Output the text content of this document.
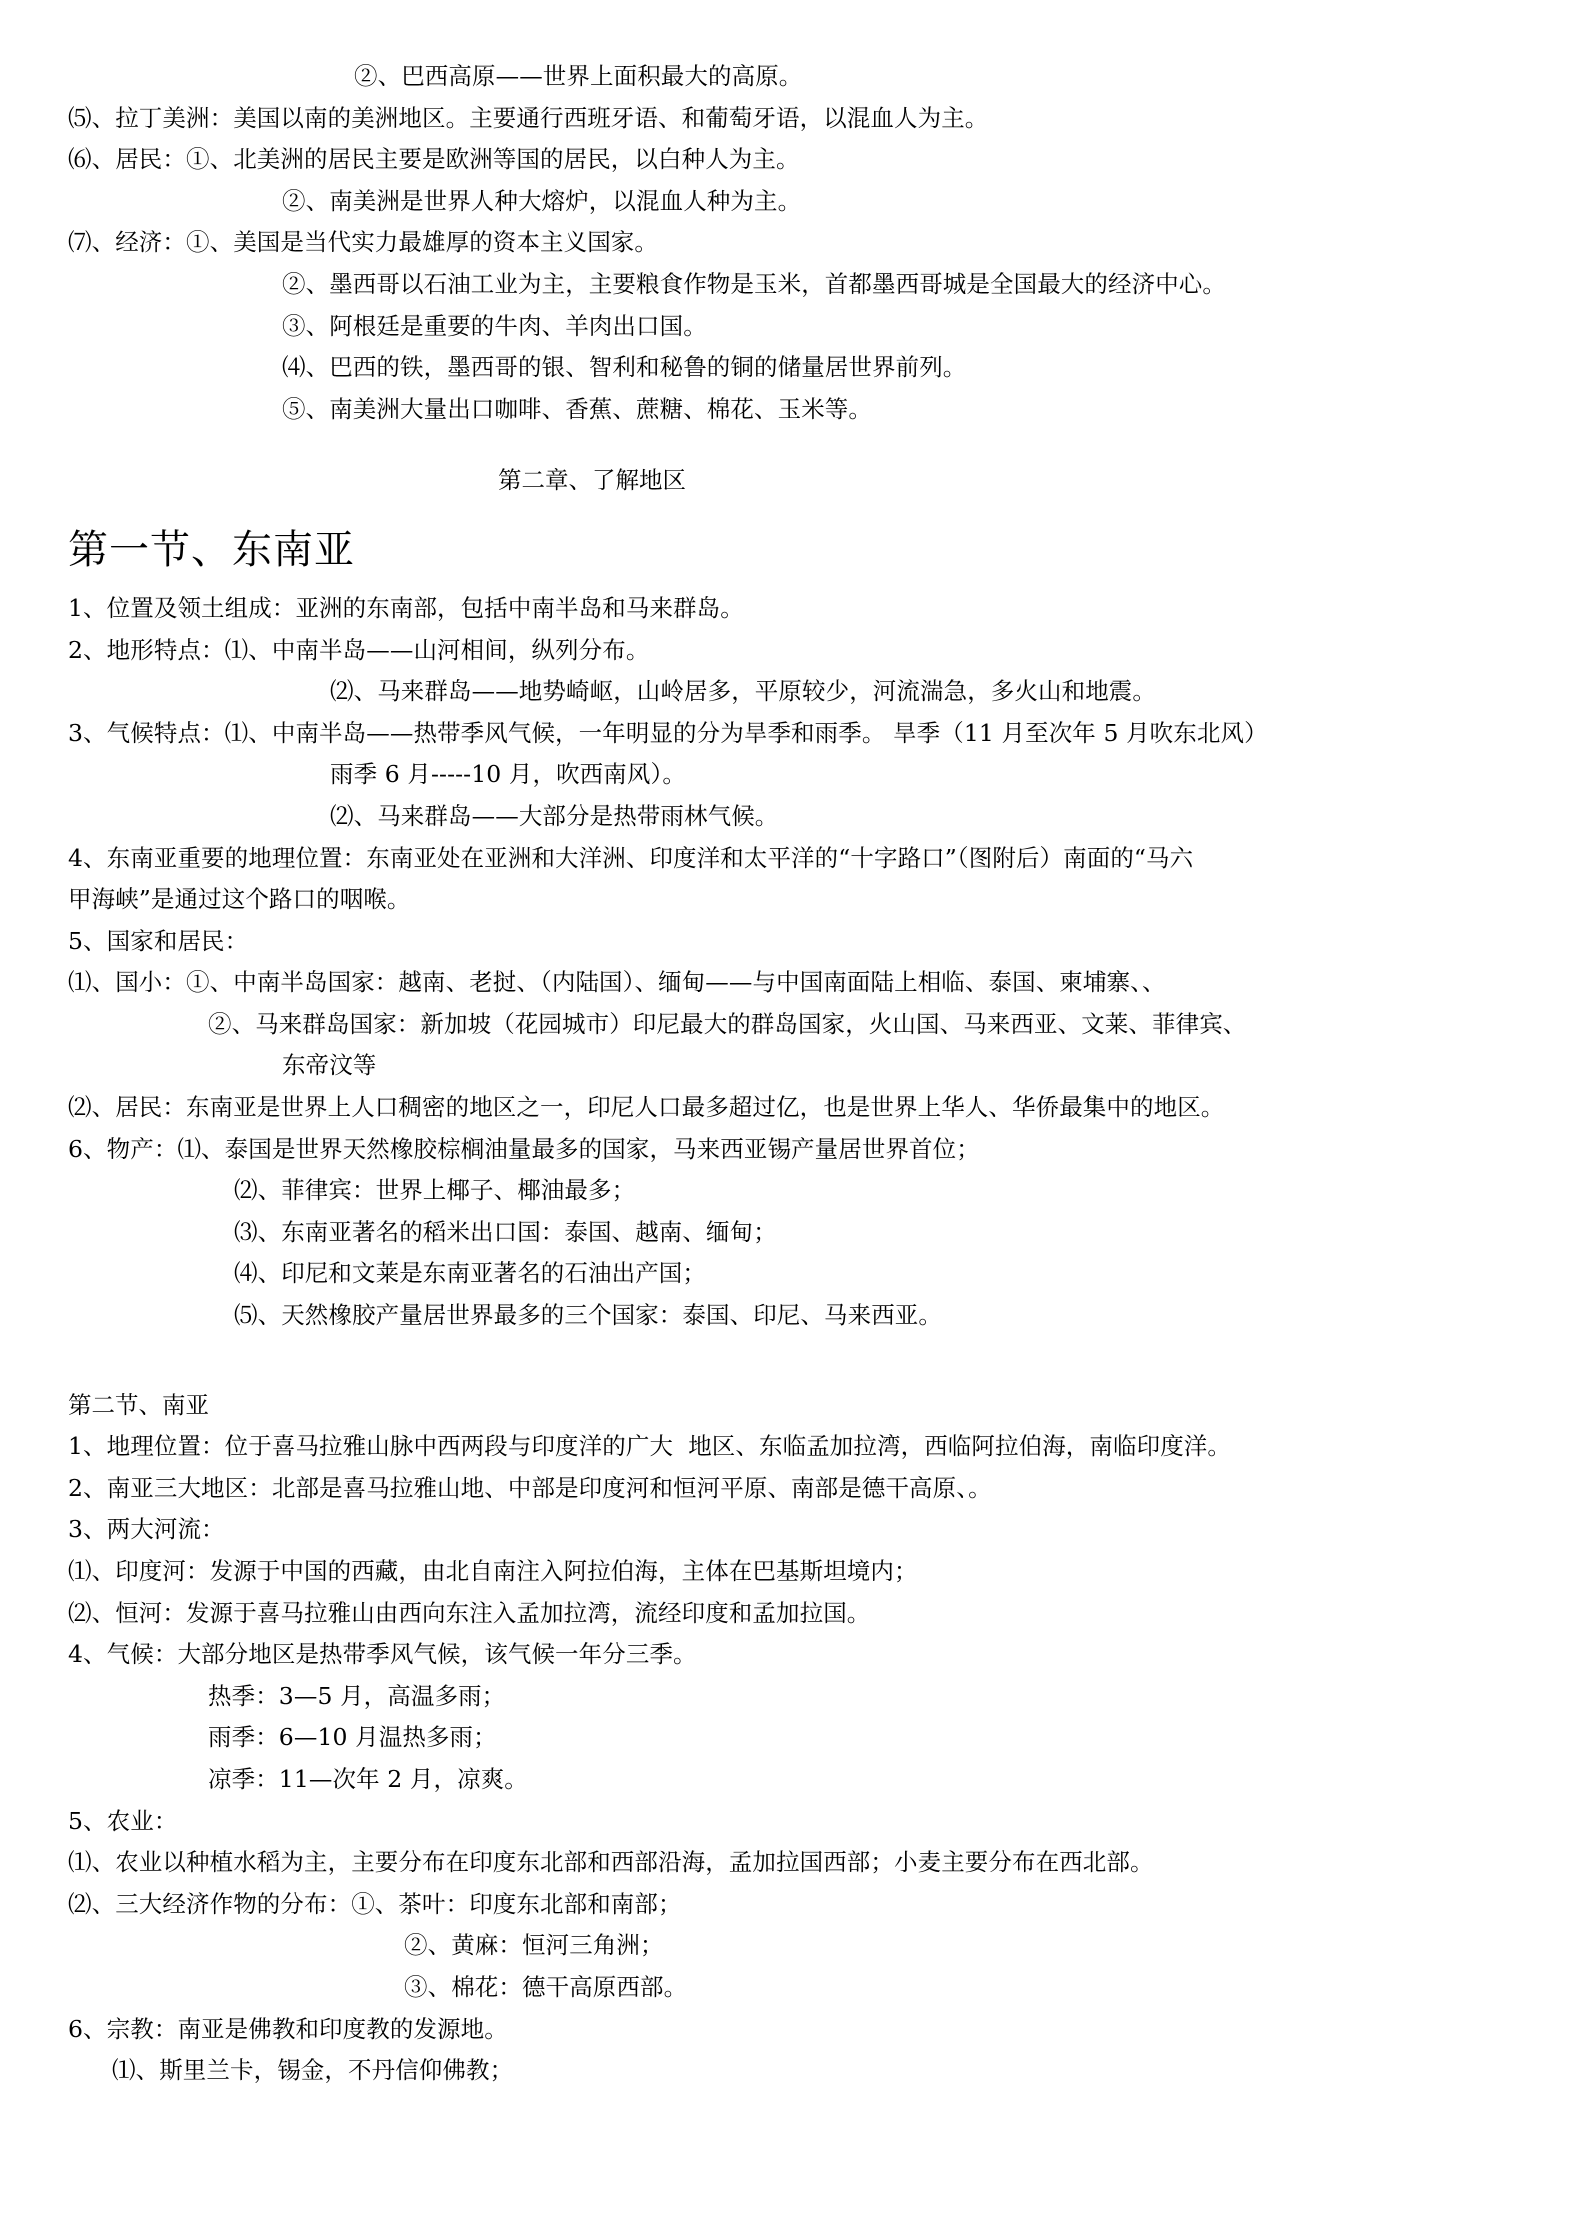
②、巴西高原——世界上面积最大的高原。
⑸、拉丁美洲：美国以南的美洲地区。主要通行西班牙语、和葡萄牙语，以混血人为主。
⑹、居民：①、北美洲的居民主要是欧洲等国的居民，以白种人为主。
②、南美洲是世界人种大熔炉，以混血人种为主。
⑺、经济：①、美国是当代实力最雄厚的资本主义国家。
②、墨西哥以石油工业为主，主要粮食作物是玉米，首都墨西哥城是全国最大的经济中心。
③、阿根廷是重要的牛肉、羊肉出口国。
⑷、巴西的铁，墨西哥的银、智利和秘鲁的铜的储量居世界前列。
⑤、南美洲大量出口咖啡、香蕉、蔗糖、棉花、玉米等。
第二章、了解地区
第一节、东南亚
1、位置及领土组成：亚洲的东南部，包括中南半岛和马来群岛。
2、地形特点：⑴、中南半岛——山河相间，纵列分布。
⑵、马来群岛——地势崎岖，山岭居多，平原较少，河流湍急，多火山和地震。
3、气候特点：⑴、中南半岛——热带季风气候，一年明显的分为旱季和雨季。 旱季（11 月至次年 5 月吹东北风）
雨季 6 月-----10 月，吹西南风）。
⑵、马来群岛——大部分是热带雨林气候。
4、东南亚重要的地理位置：东南亚处在亚洲和大洋洲、印度洋和太平洋的“十字路口”（图附后）南面的“马六
甲海峡”是通过这个路口的咽喉。
5、国家和居民：
⑴、国小：①、中南半岛国家：越南、老挝、（内陆国）、缅甸——与中国南面陆上相临、泰国、柬埔寨、、
②、马来群岛国家：新加坡（花园城市）印尼最大的群岛国家，火山国、马来西亚、文莱、菲律宾、
东帝汶等
⑵、居民：东南亚是世界上人口稠密的地区之一，印尼人口最多超过亿，也是世界上华人、华侨最集中的地区。
6、物产：⑴、泰国是世界天然橡胶棕榈油量最多的国家，马来西亚锡产量居世界首位；
⑵、菲律宾：世界上椰子、椰油最多；
⑶、东南亚著名的稻米出口国：泰国、越南、缅甸；
⑷、印尼和文莱是东南亚著名的石油出产国；
⑸、天然橡胶产量居世界最多的三个国家：泰国、印尼、马来西亚。
第二节、南亚
1、地理位置：位于喜马拉雅山脉中西两段与印度洋的广大  地区、东临孟加拉湾，西临阿拉伯海，南临印度洋。
2、南亚三大地区：北部是喜马拉雅山地、中部是印度河和恒河平原、南部是德干高原、。
3、两大河流：
⑴、印度河：发源于中国的西藏，由北自南注入阿拉伯海，主体在巴基斯坦境内；
⑵、恒河：发源于喜马拉雅山由西向东注入孟加拉湾，流经印度和孟加拉国。
4、气候：大部分地区是热带季风气候，该气候一年分三季。
热季：3—5 月，高温多雨；
雨季：6—10 月温热多雨；
凉季：11—次年 2 月，凉爽。
5、农业：
⑴、农业以种植水稻为主，主要分布在印度东北部和西部沿海，孟加拉国西部；小麦主要分布在西北部。
⑵、三大经济作物的分布：①、茶叶：印度东北部和南部；
②、黄麻：恒河三角洲；
③、棉花：德干高原西部。
6、宗教：南亚是佛教和印度教的发源地。
⑴、斯里兰卡，锡金，不丹信仰佛教；
